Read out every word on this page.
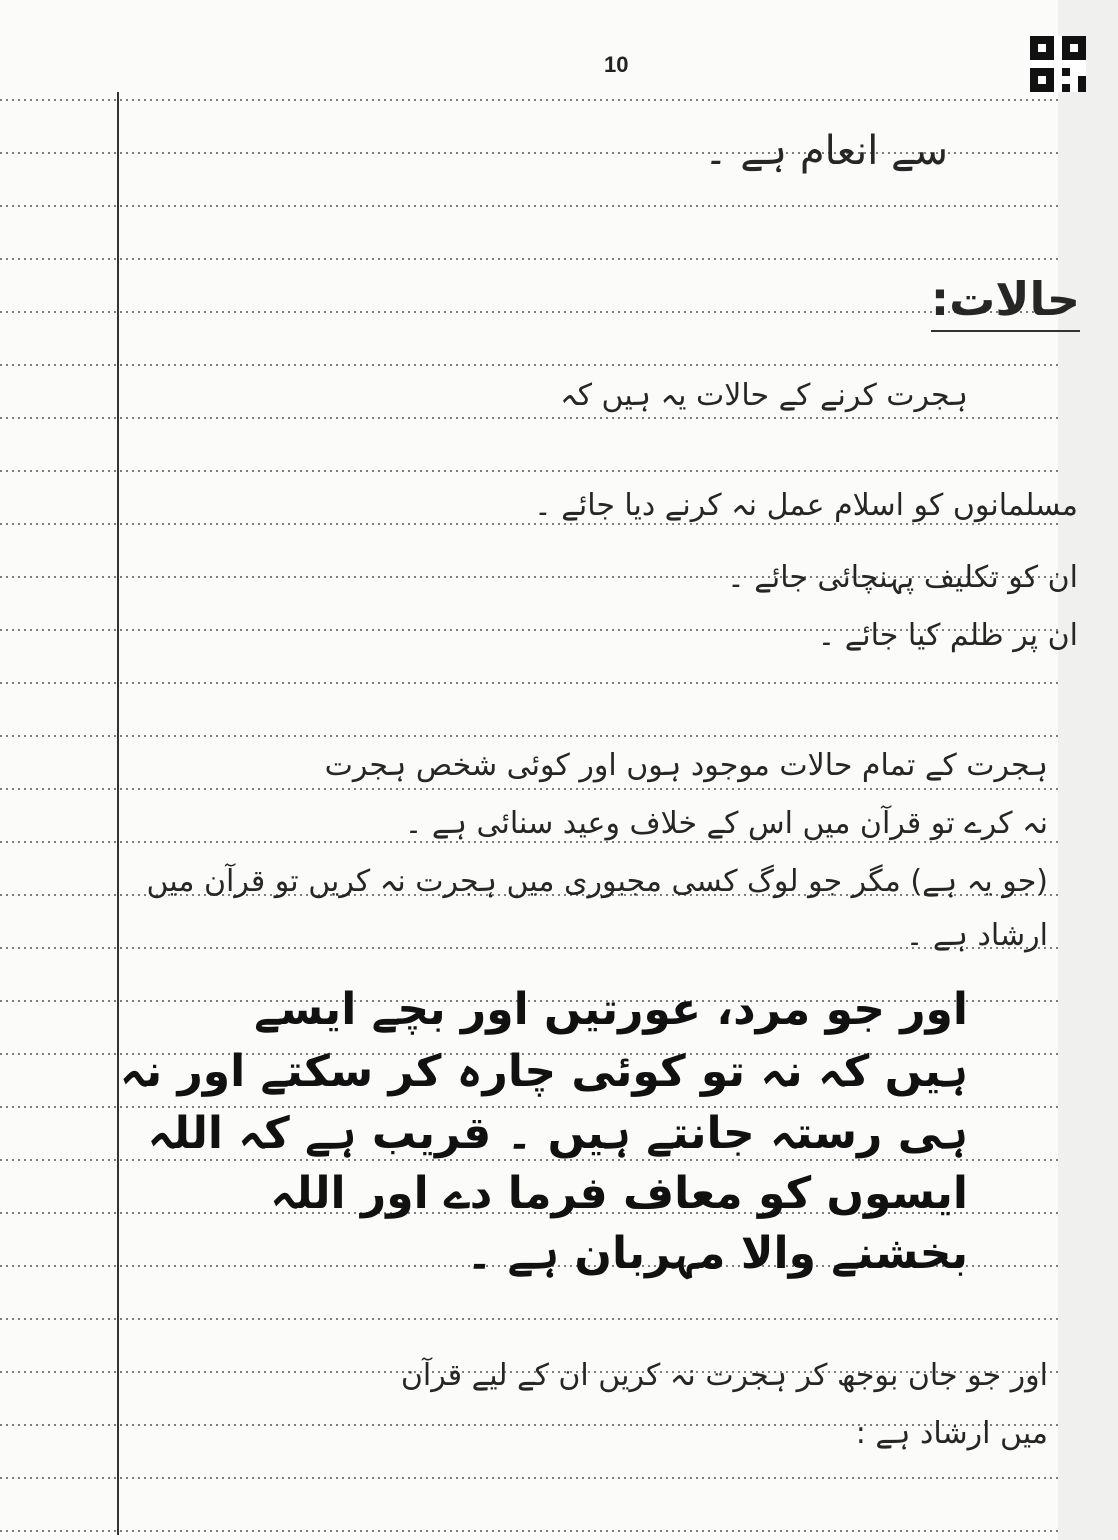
10
سے انعام ہے ۔
حالات:
ہجرت کرنے کے حالات یہ ہیں کہ
مسلمانوں کو اسلام عمل نہ کرنے دیا جائے ۔
ان کو تکلیف پہنچائی جائے ۔
ان پر ظلم کیا جائے ۔
ہجرت کے تمام حالات موجود ہوں اور کوئی شخص ہجرت
نہ کرے تو قرآن میں اس کے خلاف وعید سنائی ہے ۔
(جو یہ ہے) مگر جو لوگ کسی مجبوری میں ہجرت نہ کریں تو قرآن میں
ارشاد ہے ۔
اور جو مرد، عورتیں اور بچے ایسے
ہیں کہ نہ تو کوئی چارہ کر سکتے اور نہ
ہی رستہ جانتے ہیں ۔ قریب ہے کہ اللہ
ایسوں کو معاف فرما دے اور اللہ
بخشنے والا مہربان ہے ۔
اور جو جان بوجھ کر ہجرت نہ کریں ان کے لیے قرآن
میں ارشاد ہے :
